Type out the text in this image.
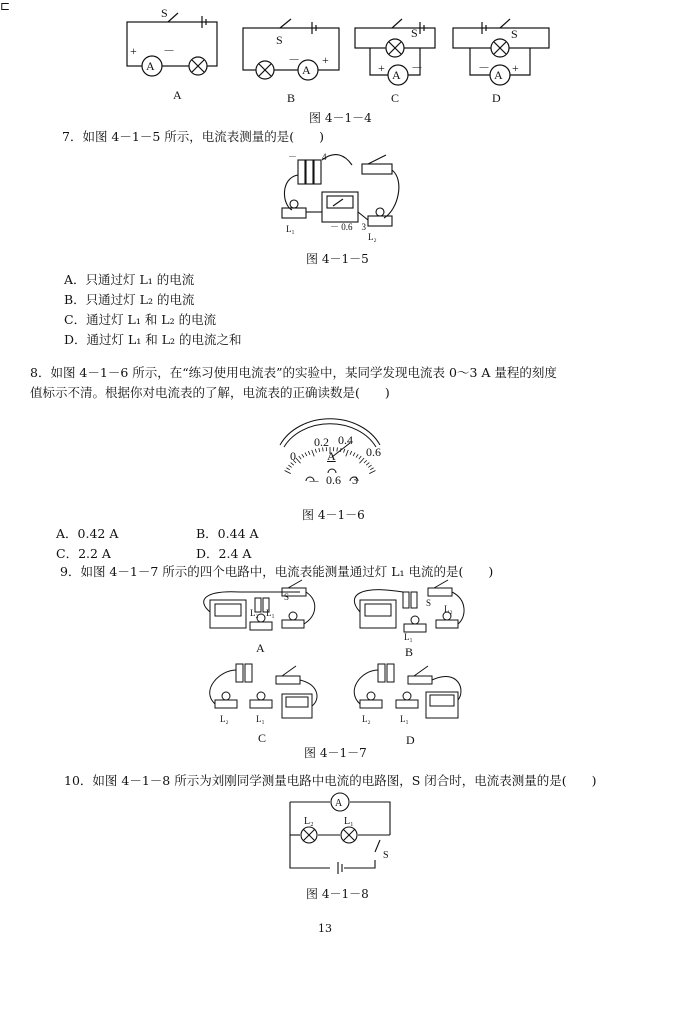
A
S
+ －
A
S
－ +
A
S
+ －	A
S
－ +
⊏
A	B	C	D
图 4－1－4
7．如图 4－1－5 所示，电流表测量的是(　　)
L₁
L₂
－	4
－ 0.6　3
图 4－1－5
A．只通过灯 L₁ 的电流
B．只通过灯 L₂ 的电流
C．通过灯 L₁ 和 L₂ 的电流
D．通过灯 L₁ 和 L₂ 的电流之和
8．如图 4－1－6 所示，在“练习使用电流表”的实验中，某同学发现电流表 0～3 A 量程的刻度
值标示不清。根据你对电流表的了解，电流表的正确读数是(　　)
0
0.2 0.4
0.6
A
－ 0.6 3
图 4－1－6
A．0.42 A	B．0.44 A
C．2.2 A	D．2.4 A
9．如图 4－1－7 所示的四个电路中，电流表能测量通过灯 L₁ 电流的是(　　)
L₂ L₁
S
S
L₁
L₂
L₂	L₁	L₂	L₁
A	B
C	D
图 4－1－7
10．如图 4－1－8 所示为刘刚同学测量电路中电流的电路图，S 闭合时，电流表测量的是(　　)
A
L₂	L₁
S
图 4－1－8
13
